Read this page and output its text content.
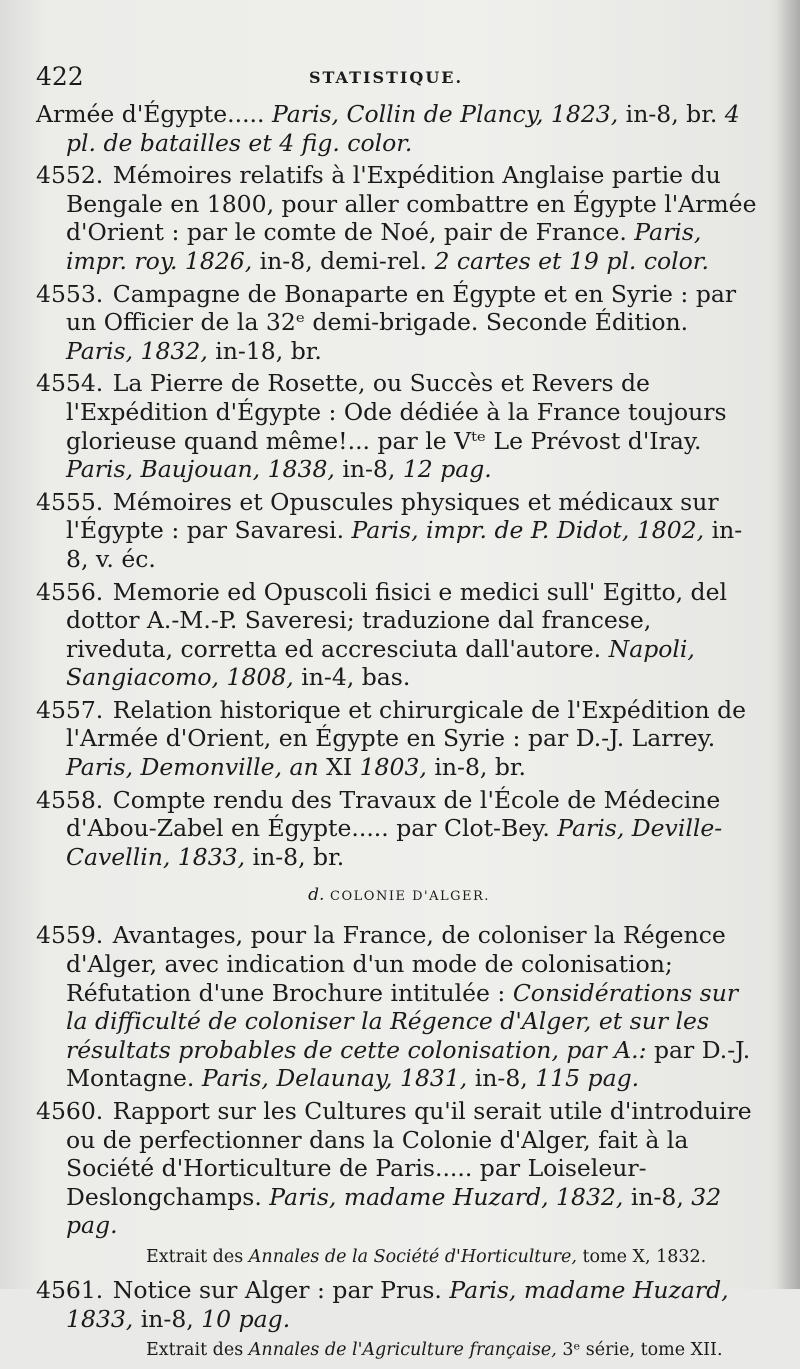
422	STATISTIQUE.
Armée d'Égypte..... Paris, Collin de Plancy, 1823, in-8, br. 4 pl. de batailles et 4 fig. color.
4552. Mémoires relatifs à l'Expédition Anglaise partie du Bengale en 1800, pour aller combattre en Égypte l'Armée d'Orient : par le comte de Noé, pair de France. Paris, impr. roy. 1826, in-8, demi-rel. 2 cartes et 19 pl. color.
4553. Campagne de Bonaparte en Égypte et en Syrie : par un Officier de la 32ᵉ demi-brigade. Seconde Édition. Paris, 1832, in-18, br.
4554. La Pierre de Rosette, ou Succès et Revers de l'Expédition d'Égypte : Ode dédiée à la France toujours glorieuse quand même!... par le Vᵗᵉ Le Prévost d'Iray. Paris, Baujouan, 1838, in-8, 12 pag.
4555. Mémoires et Opuscules physiques et médicaux sur l'Égypte : par Savaresi. Paris, impr. de P. Didot, 1802, in-8, v. éc.
4556. Memorie ed Opuscoli fisici e medici sull' Egitto, del dottor A.-M.-P. Saveresi; traduzione dal francese, riveduta, corretta ed accresciuta dall'autore. Napoli, Sangiacomo, 1808, in-4, bas.
4557. Relation historique et chirurgicale de l'Expédition de l'Armée d'Orient, en Égypte en Syrie : par D.-J. Larrey. Paris, Demonville, an XI 1803, in-8, br.
4558. Compte rendu des Travaux de l'École de Médecine d'Abou-Zabel en Égypte..... par Clot-Bey. Paris, Deville-Cavellin, 1833, in-8, br.
d. COLONIE D'ALGER.
4559. Avantages, pour la France, de coloniser la Régence d'Alger, avec indication d'un mode de colonisation; Réfutation d'une Brochure intitulée : Considérations sur la difficulté de coloniser la Régence d'Alger, et sur les résultats probables de cette colonisation, par A.: par D.-J. Montagne. Paris, Delaunay, 1831, in-8, 115 pag.
4560. Rapport sur les Cultures qu'il serait utile d'introduire ou de perfectionner dans la Colonie d'Alger, fait à la Société d'Horticulture de Paris..... par Loiseleur-Deslongchamps. Paris, madame Huzard, 1832, in-8, 32 pag.
Extrait des Annales de la Société d'Horticulture, tome X, 1832.
4561. Notice sur Alger : par Prus. Paris, madame Huzard, 1833, in-8, 10 pag.
Extrait des Annales de l'Agriculture française, 3ᵉ série, tome XII.
